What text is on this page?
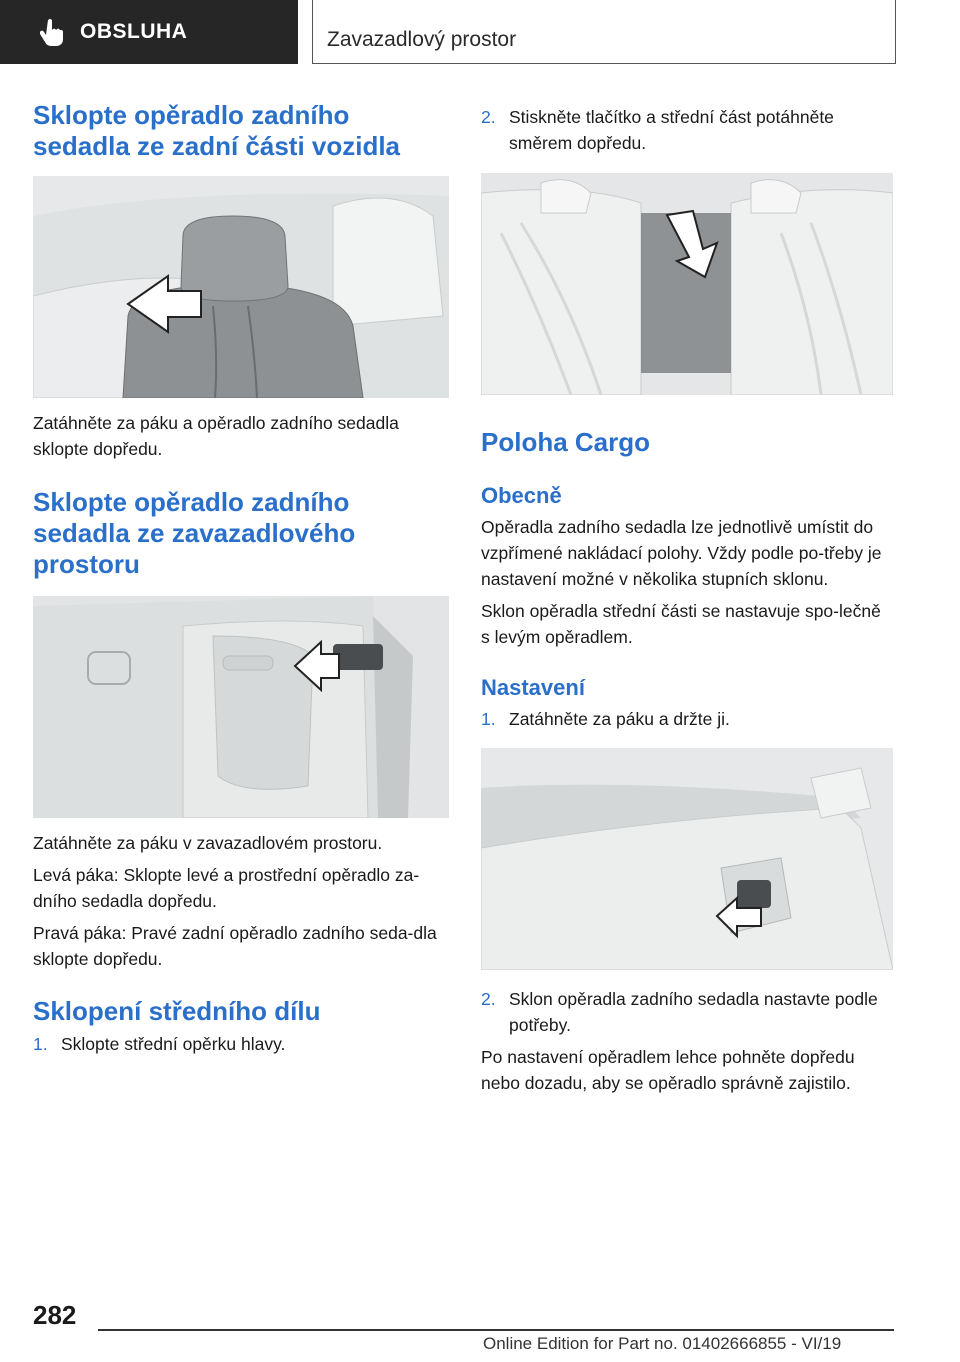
OBSLUHA	Zavazadlový prostor
Sklopte opěradlo zadního sedadla ze zadní části vozidla
Zatáhněte za páku a opěradlo zadního sedadla sklopte dopředu.
Sklopte opěradlo zadního sedadla ze zavazadlového prostoru
Zatáhněte za páku v zavazadlovém prostoru.
Levá páka: Sklopte levé a prostřední opěradlo za-dního sedadla dopředu.
Pravá páka: Pravé zadní opěradlo zadního seda-dla sklopte dopředu.
Sklopení středního dílu
1. Sklopte střední opěrku hlavy.
2. Stiskněte tlačítko a střední část potáhněte směrem dopředu.
Poloha Cargo
Obecně
Opěradla zadního sedadla lze jednotlivě umístit do vzpřímené nakládací polohy. Vždy podle po-třeby je nastavení možné v několika stupních sklonu.
Sklon opěradla střední části se nastavuje spo-lečně s levým opěradlem.
Nastavení
1. Zatáhněte za páku a držte ji.
2. Sklon opěradla zadního sedadla nastavte podle potřeby.
Po nastavení opěradlem lehce pohněte dopředu nebo dozadu, aby se opěradlo správně zajistilo.
282
Online Edition for Part no. 01402666855 - VI/19
